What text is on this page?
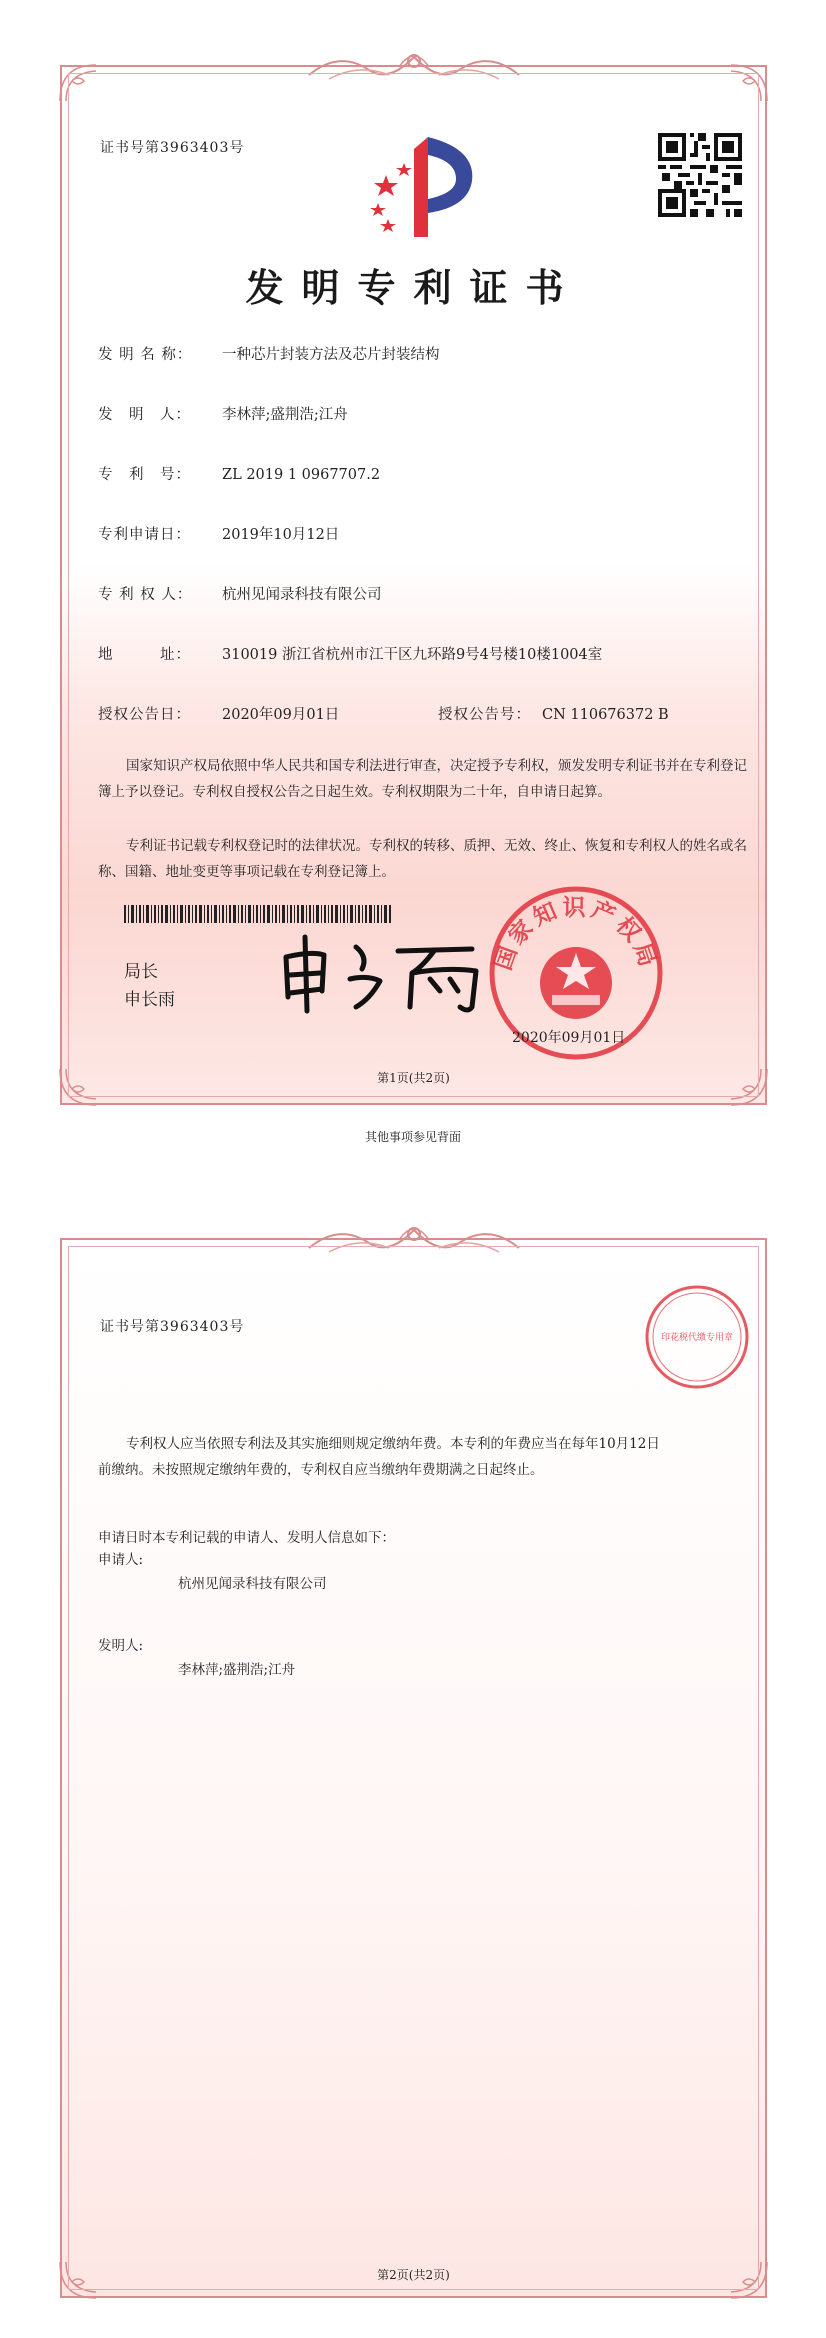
证书号第3963403号
发明专利证书
发 明 名 称：	一种芯片封装方法及芯片封装结构
发　明　人：	李林萍;盛荆浩;江舟
专　利　号：	ZL 2019 1 0967707.2
专利申请日：	2019年10月12日
专 利 权 人：	杭州见闻录科技有限公司
地　　　址：	310019 浙江省杭州市江干区九环路9号4号楼10楼1004室
授权公告日：	2020年09月01日	授权公告号： CN 110676372 B
国家知识产权局依照中华人民共和国专利法进行审查，决定授予专利权，颁发发明专利证书并在专利登记簿上予以登记。专利权自授权公告之日起生效。专利权期限为二十年，自申请日起算。
专利证书记载专利权登记时的法律状况。专利权的转移、质押、无效、终止、恢复和专利权人的姓名或名称、国籍、地址变更等事项记载在专利登记簿上。
局长
申长雨
国家知识产权局
2020年09月01日
第1页(共2页)
其他事项参见背面
证书号第3963403号
印花税代缴专用章
专利权人应当依照专利法及其实施细则规定缴纳年费。本专利的年费应当在每年10月12日
前缴纳。未按照规定缴纳年费的，专利权自应当缴纳年费期满之日起终止。
申请日时本专利记载的申请人、发明人信息如下：
申请人:
杭州见闻录科技有限公司
发明人:
李林萍;盛荆浩;江舟
第2页(共2页)
